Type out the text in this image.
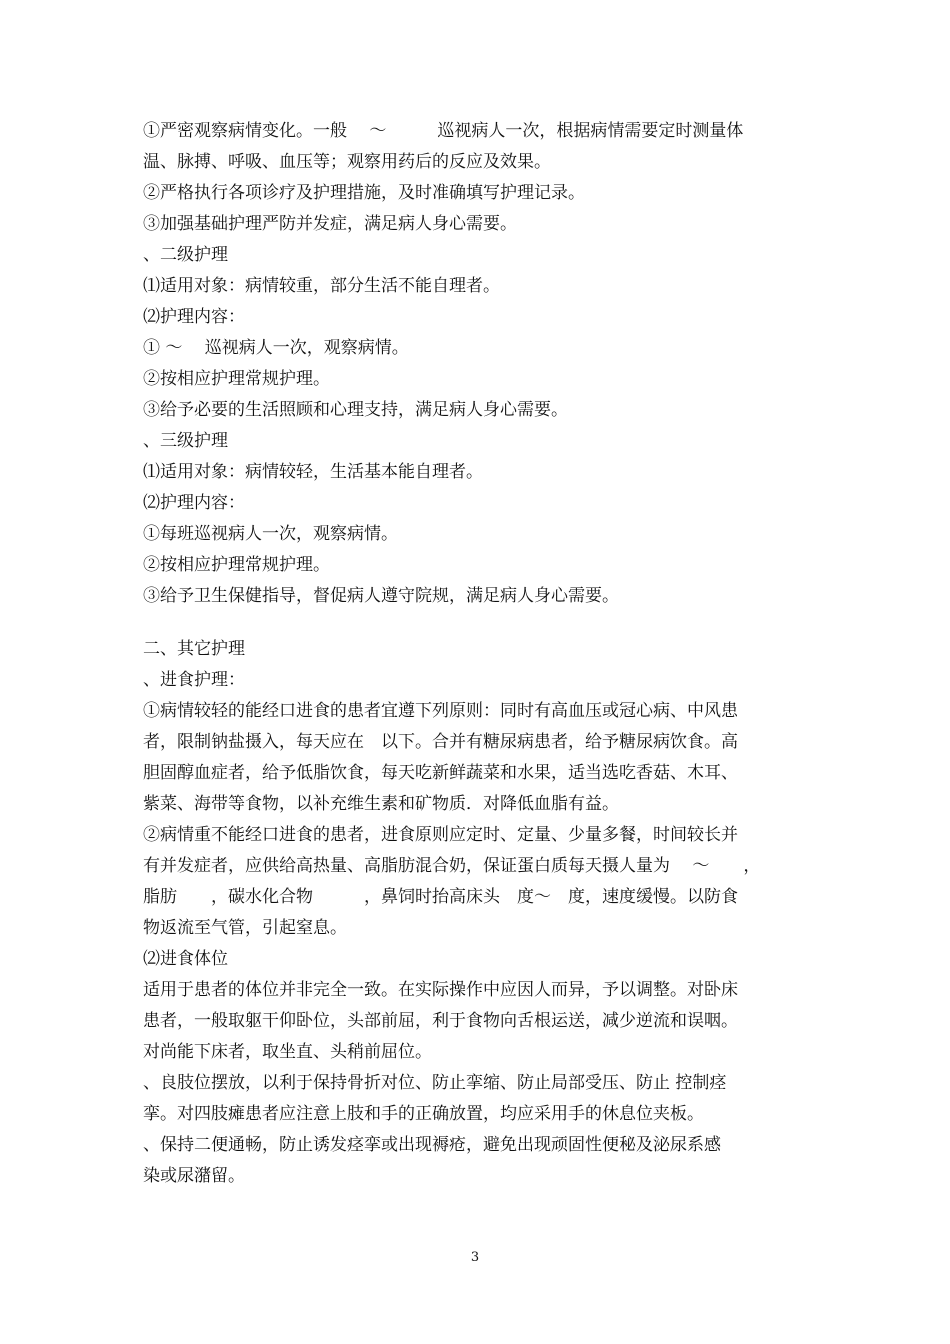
①严密观察病情变化。一般　 ～　　　巡视病人一次，根据病情需要定时测量体
温、脉搏、呼吸、血压等；观察用药后的反应及效果。
②严格执行各项诊疗及护理措施，及时准确填写护理记录。
③加强基础护理严防并发症，满足病人身心需要。
、二级护理
⑴适用对象：病情较重，部分生活不能自理者。
⑵护理内容：
① ～ 　巡视病人一次，观察病情。
②按相应护理常规护理。
③给予必要的生活照顾和心理支持，满足病人身心需要。
、三级护理
⑴适用对象：病情较轻，生活基本能自理者。
⑵护理内容：
①每班巡视病人一次，观察病情。
②按相应护理常规护理。
③给予卫生保健指导，督促病人遵守院规，满足病人身心需要。
二、其它护理
、进食护理：
①病情较轻的能经口进食的患者宜遵下列原则：同时有高血压或冠心病、中风患
者，限制钠盐摄入，每天应在　以下。合并有糖尿病患者，给予糖尿病饮食。高
胆固醇血症者，给予低脂饮食，每天吃新鲜蔬菜和水果，适当选吃香菇、木耳、
紫菜、海带等食物，以补充维生素和矿物质．对降低血脂有益。
②病情重不能经口进食的患者，进食原则应定时、定量、少量多餐，时间较长并
有并发症者，应供给高热量、高脂肪混合奶，保证蛋白质每天摄人量为　 ～　　，
脂肪　　，碳水化合物　　　，鼻饲时抬高床头　度～　度，速度缓慢。以防食
物返流至气管，引起窒息。
⑵进食体位
适用于患者的体位并非完全一致。在实际操作中应因人而异，予以调整。对卧床
患者，一般取躯干仰卧位，头部前屈，利于食物向舌根运送，减少逆流和误咽。
对尚能下床者，取坐直、头稍前屈位。
、良肢位摆放，以利于保持骨折对位、防止挛缩、防止局部受压、防止 控制痉
挛。对四肢瘫患者应注意上肢和手的正确放置，均应采用手的休息位夹板。
、保持二便通畅，防止诱发痉挛或出现褥疮，避免出现顽固性便秘及泌尿系感
染或尿潴留。
3
